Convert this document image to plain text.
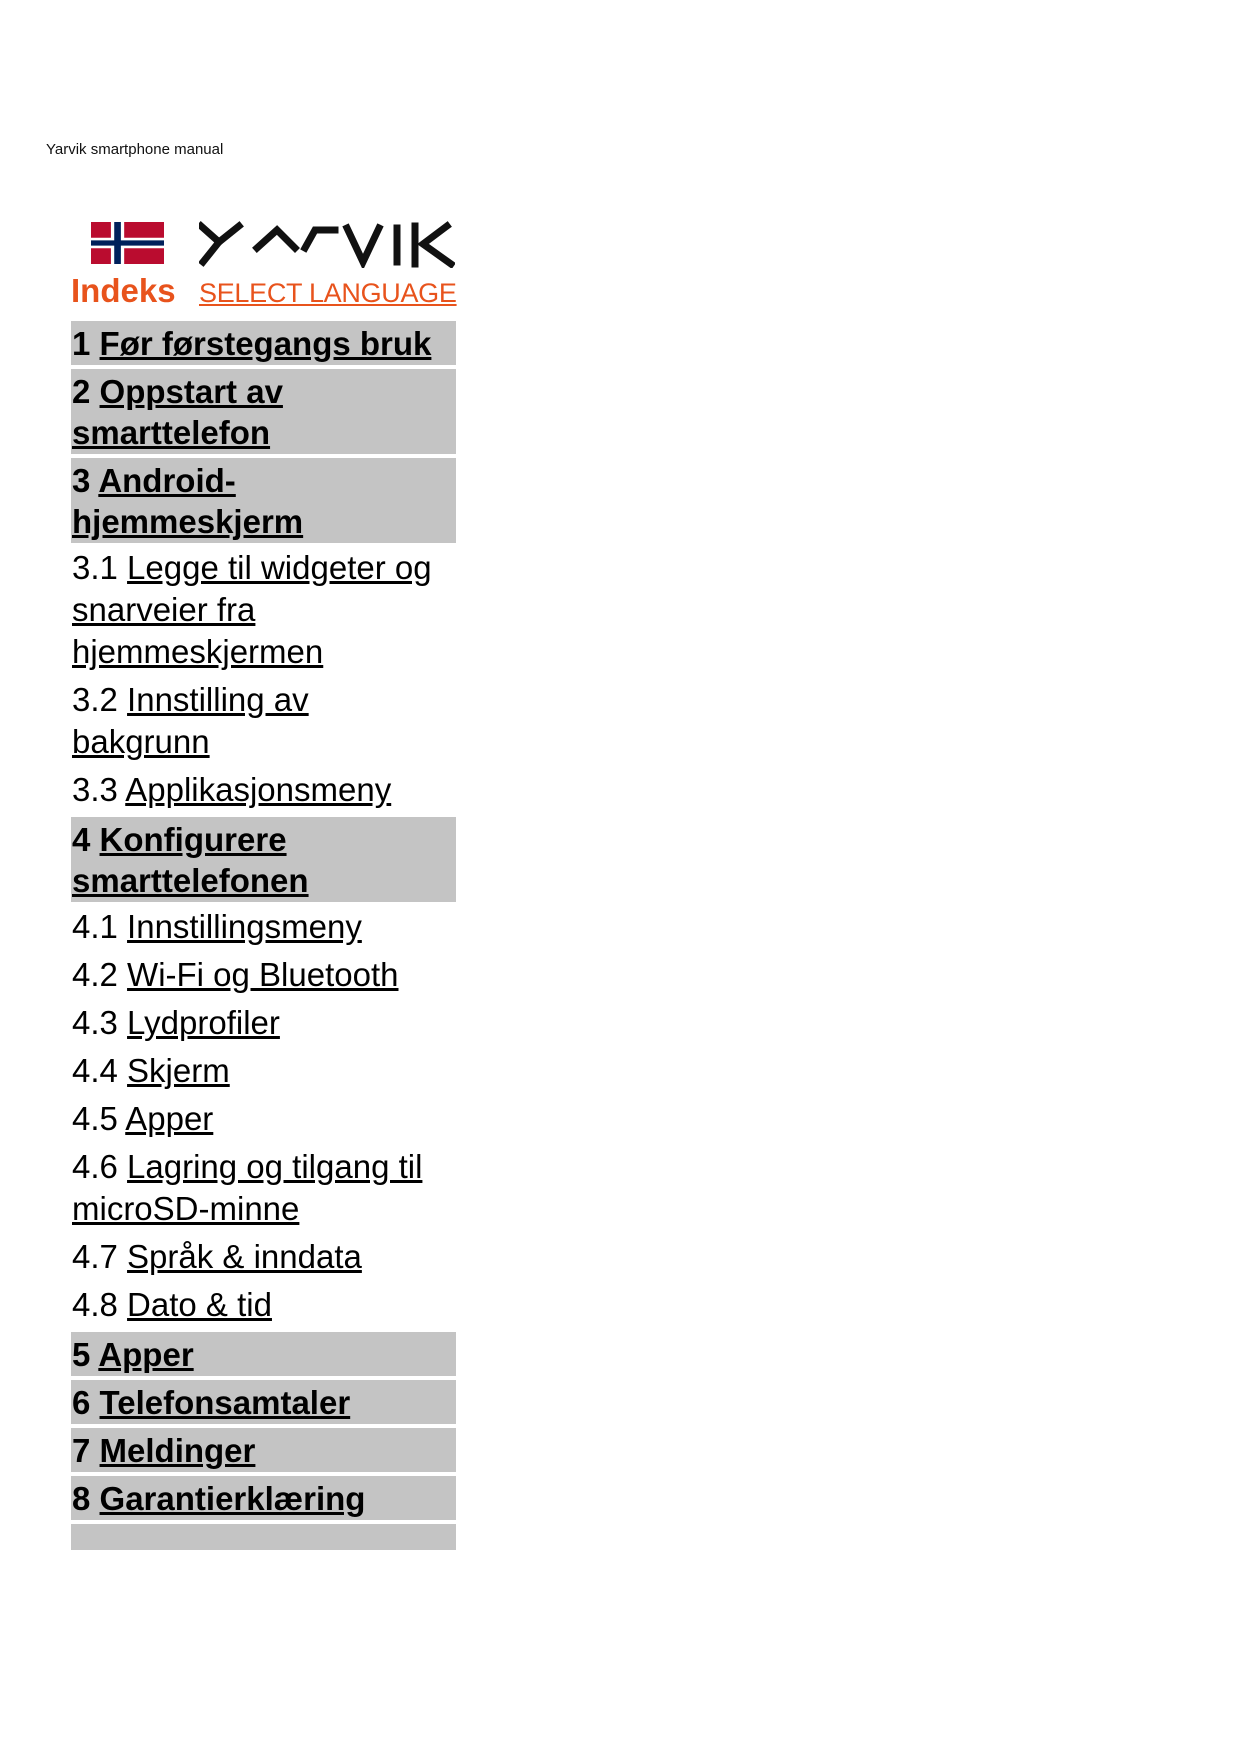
Yarvik smartphone manual
Indeks SELECT LANGUAGE
1 Før førstegangs bruk
2 Oppstart av smarttelefon
3 Android-hjemmeskjerm
3.1 Legge til widgeter og snarveier fra hjemmeskjermen
3.2 Innstilling av bakgrunn
3.3 Applikasjonsmeny
4 Konfigurere smarttelefonen
4.1 Innstillingsmeny
4.2 Wi-Fi og Bluetooth
4.3 Lydprofiler
4.4 Skjerm
4.5 Apper
4.6 Lagring og tilgang til microSD-minne
4.7 Språk & inndata
4.8 Dato & tid
5 Apper
6 Telefonsamtaler
7 Meldinger
8 Garantierklæring
